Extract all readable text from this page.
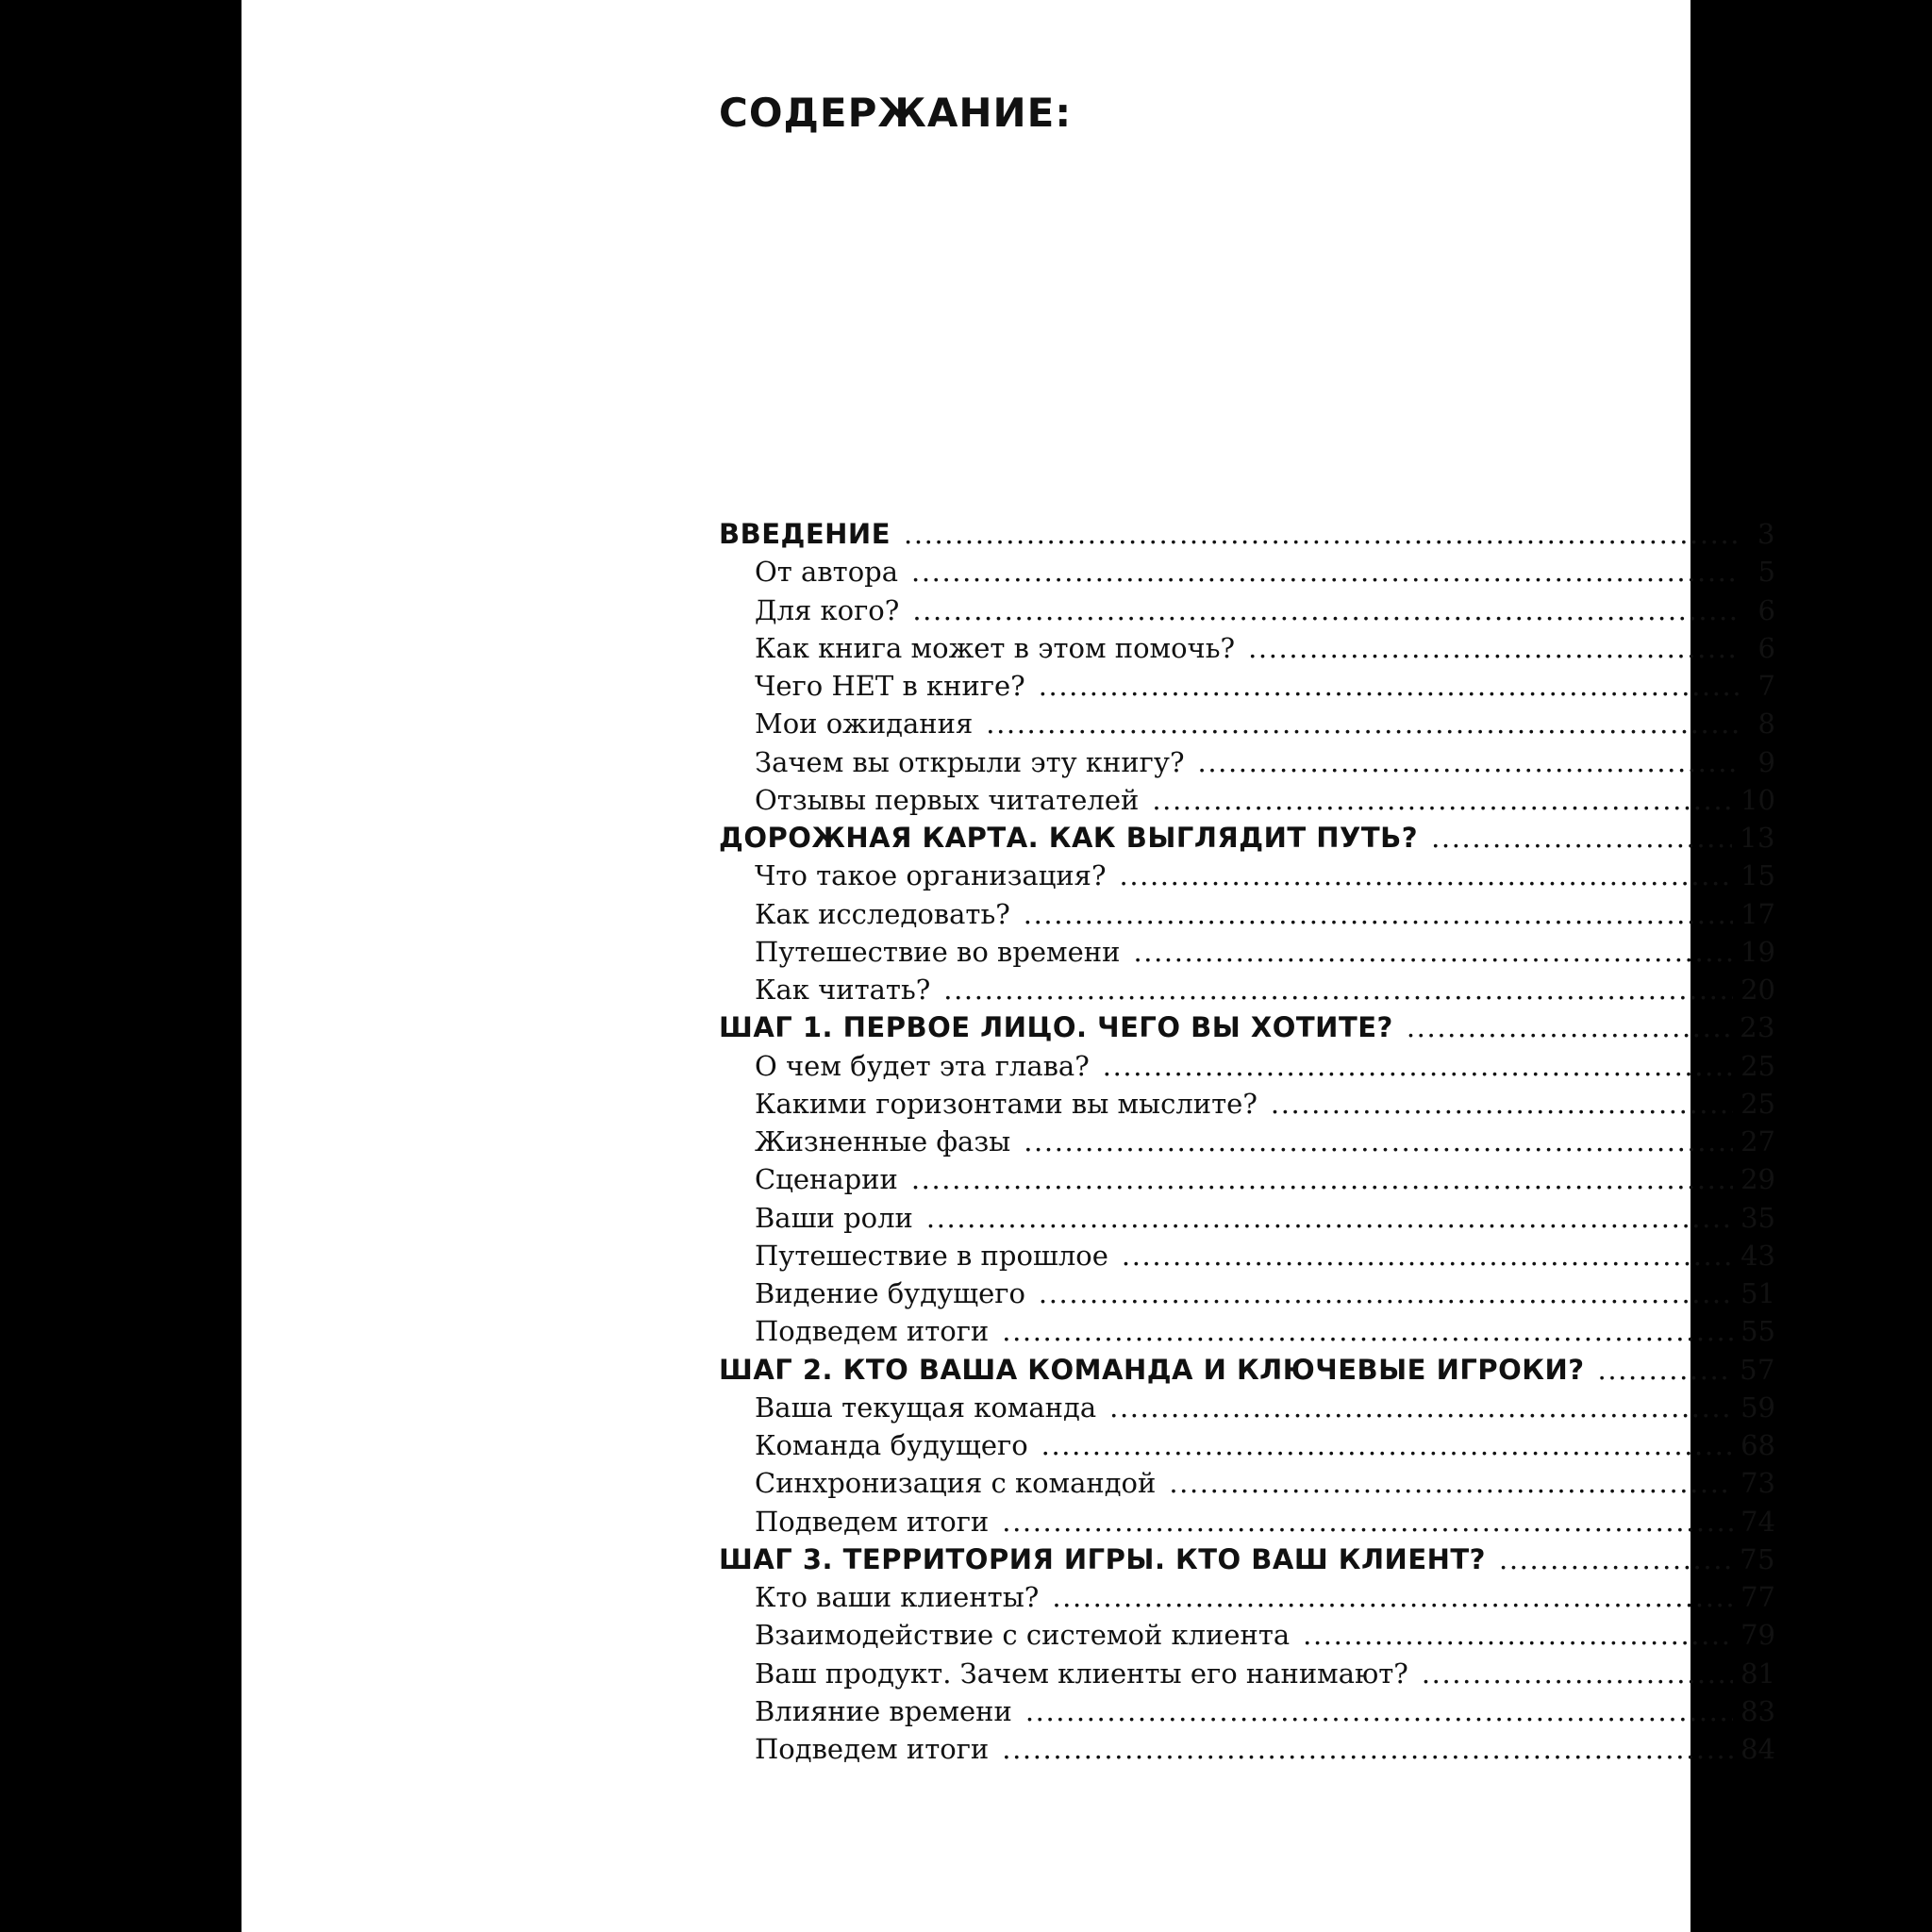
СОДЕРЖАНИЕ:
ВВЕДЕНИЕ .....	3
От автора .....	5
Для кого? .....	6
Как книга может в этом помочь? .....	6
Чего НЕТ в книге? .....	7
Мои ожидания .....	8
Зачем вы открыли эту книгу? .....	9
Отзывы первых читателей .....	10
ДОРОЖНАЯ КАРТА. КАК ВЫГЛЯДИТ ПУТЬ? .....	13
Что такое организация? .....	15
Как исследовать? .....	17
Путешествие во времени .....	19
Как читать? .....	20
ШАГ 1. ПЕРВОЕ ЛИЦО. ЧЕГО ВЫ ХОТИТЕ? .....	23
О чем будет эта глава? .....	25
Какими горизонтами вы мыслите? .....	25
Жизненные фазы .....	27
Сценарии .....	29
Ваши роли .....	35
Путешествие в прошлое .....	43
Видение будущего .....	51
Подведем итоги .....	55
ШАГ 2. КТО ВАША КОМАНДА И КЛЮЧЕВЫЕ ИГРОКИ? .....	57
Ваша текущая команда .....	59
Команда будущего .....	68
Синхронизация с командой .....	73
Подведем итоги .....	74
ШАГ 3. ТЕРРИТОРИЯ ИГРЫ. КТО ВАШ КЛИЕНТ? .....	75
Кто ваши клиенты? .....	77
Взаимодействие с системой клиента .....	79
Ваш продукт. Зачем клиенты его нанимают? .....	81
Влияние времени .....	83
Подведем итоги .....	84
